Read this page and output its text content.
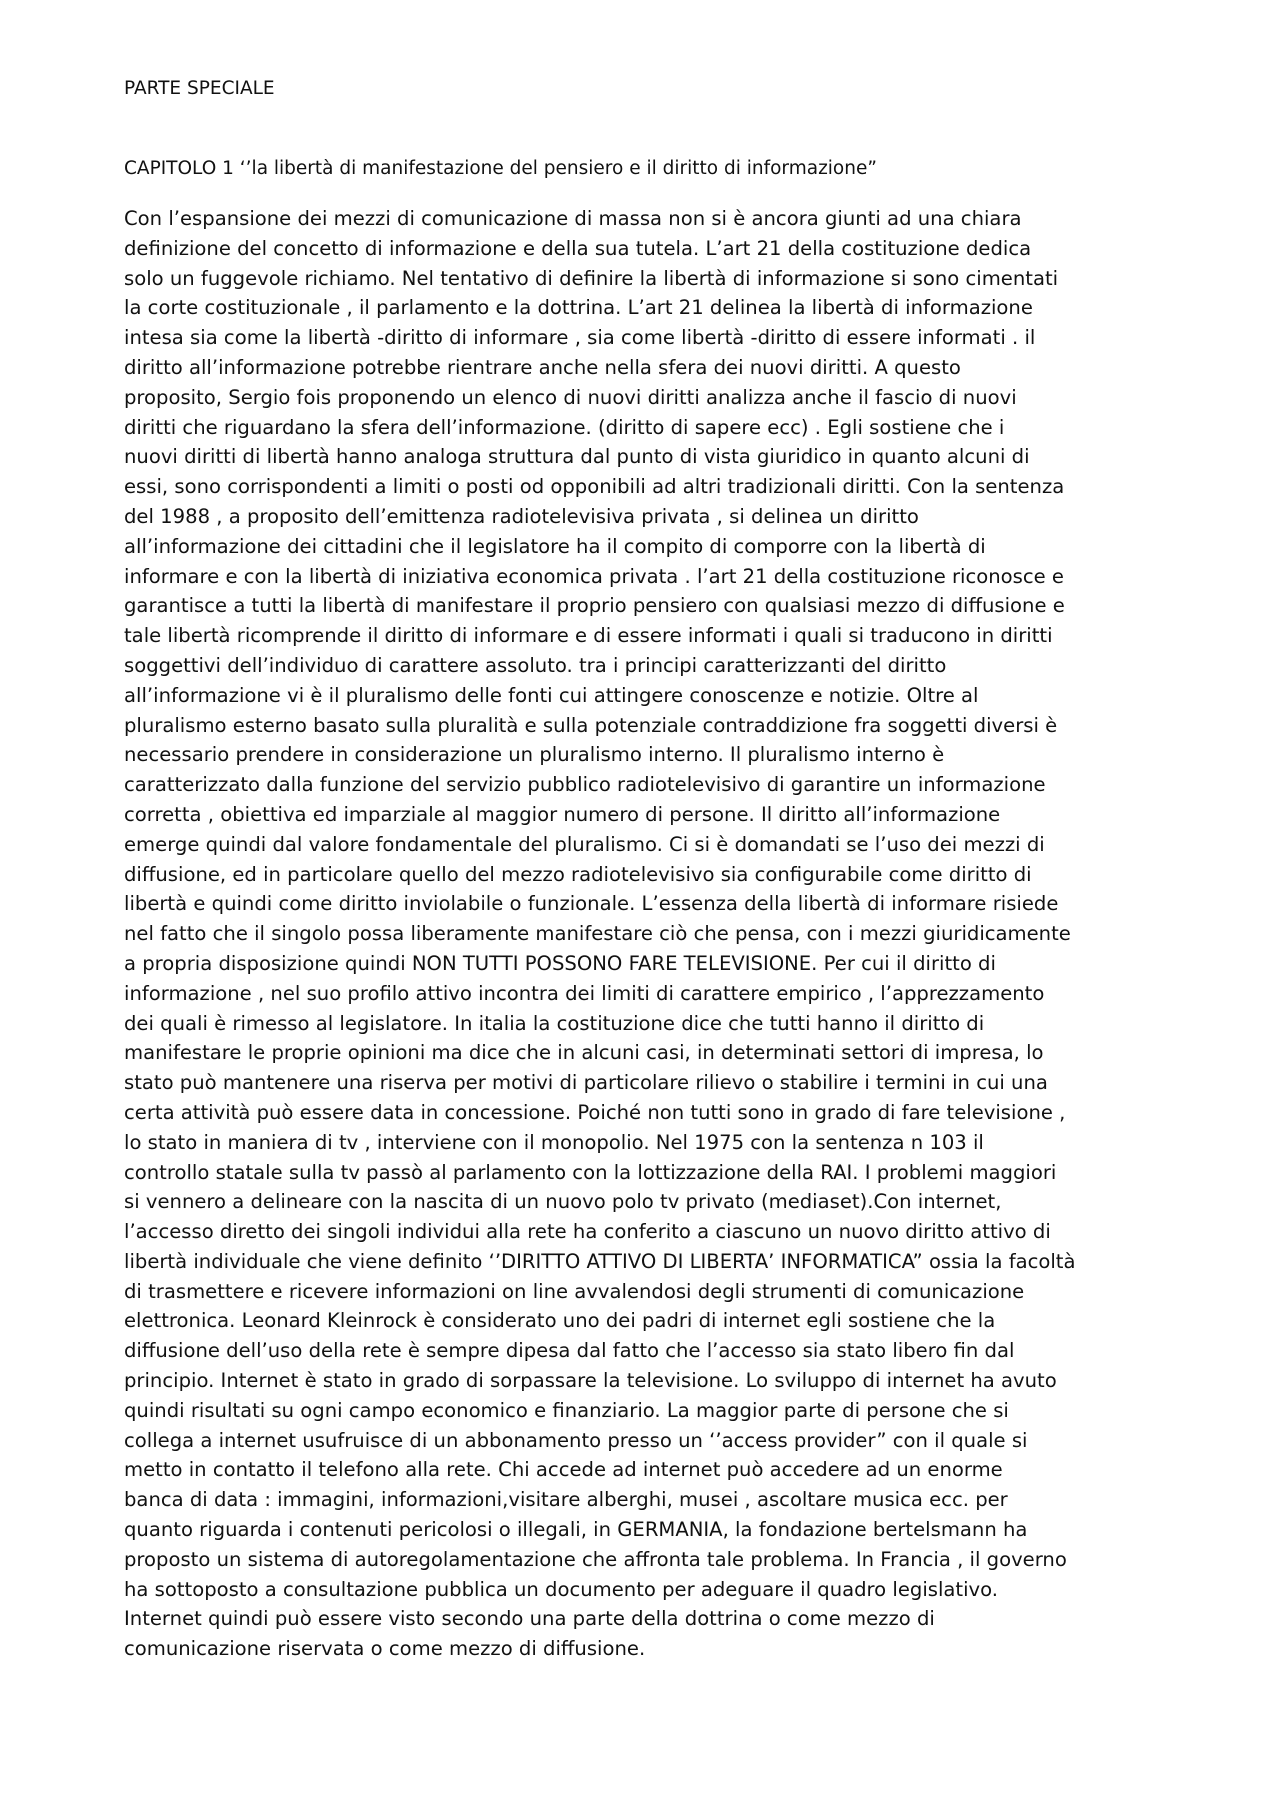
PARTE SPECIALE

CAPITOLO 1 ‘’la libertà di manifestazione del pensiero e il diritto di informazione”

Con l’espansione dei mezzi di comunicazione di massa non si è ancora giunti ad una chiara
definizione del concetto di informazione e della sua tutela. L’art 21 della costituzione dedica
solo un fuggevole richiamo. Nel tentativo di definire la libertà di informazione si sono cimentati
la corte costituzionale , il parlamento e la dottrina. L’art 21 delinea la libertà di informazione
intesa sia come la libertà -diritto di informare , sia come libertà -diritto di essere informati . il
diritto all’informazione potrebbe rientrare anche nella sfera dei nuovi diritti. A questo
proposito, Sergio fois proponendo un elenco di nuovi diritti analizza anche il fascio di nuovi
diritti che riguardano la sfera dell’informazione. (diritto di sapere ecc) . Egli sostiene che i
nuovi diritti di libertà hanno analoga struttura dal punto di vista giuridico in quanto alcuni di
essi, sono corrispondenti a limiti o posti od opponibili ad altri tradizionali diritti. Con la sentenza
del 1988 , a proposito dell’emittenza radiotelevisiva privata , si delinea un diritto
all’informazione dei cittadini che il legislatore ha il compito di comporre con la libertà di
informare e con la libertà di iniziativa economica privata . l’art 21 della costituzione riconosce e
garantisce a tutti la libertà di manifestare il proprio pensiero con qualsiasi mezzo di diffusione e
tale libertà ricomprende il diritto di informare e di essere informati i quali si traducono in diritti
soggettivi dell’individuo di carattere assoluto. tra i principi caratterizzanti del diritto
all’informazione vi è il pluralismo delle fonti cui attingere conoscenze e notizie. Oltre al
pluralismo esterno basato sulla pluralità e sulla potenziale contraddizione fra soggetti diversi è
necessario prendere in considerazione un pluralismo interno. Il pluralismo interno è
caratterizzato dalla funzione del servizio pubblico radiotelevisivo di garantire un informazione
corretta , obiettiva ed imparziale al maggior numero di persone. Il diritto all’informazione
emerge quindi dal valore fondamentale del pluralismo. Ci si è domandati se l’uso dei mezzi di
diffusione, ed in particolare quello del mezzo radiotelevisivo sia configurabile come diritto di
libertà e quindi come diritto inviolabile o funzionale. L’essenza della libertà di informare risiede
nel fatto che il singolo possa liberamente manifestare ciò che pensa, con i mezzi giuridicamente
a propria disposizione quindi NON TUTTI POSSONO FARE TELEVISIONE. Per cui il diritto di
informazione , nel suo profilo attivo incontra dei limiti di carattere empirico , l’apprezzamento
dei quali è rimesso al legislatore. In italia la costituzione dice che tutti hanno il diritto di
manifestare le proprie opinioni ma dice che in alcuni casi, in determinati settori di impresa, lo
stato può mantenere una riserva per motivi di particolare rilievo o stabilire i termini in cui una
certa attività può essere data in concessione. Poiché non tutti sono in grado di fare televisione ,
lo stato in maniera di tv , interviene con il monopolio. Nel 1975 con la sentenza n 103 il
controllo statale sulla tv passò al parlamento con la lottizzazione della RAI. I problemi maggiori
si vennero a delineare con la nascita di un nuovo polo tv privato (mediaset).Con internet,
l’accesso diretto dei singoli individui alla rete ha conferito a ciascuno un nuovo diritto attivo di
libertà individuale che viene definito ‘’DIRITTO ATTIVO DI LIBERTA’ INFORMATICA” ossia la facoltà
di trasmettere e ricevere informazioni on line avvalendosi degli strumenti di comunicazione
elettronica. Leonard Kleinrock è considerato uno dei padri di internet egli sostiene che la
diffusione dell’uso della rete è sempre dipesa dal fatto che l’accesso sia stato libero fin dal
principio. Internet è stato in grado di sorpassare la televisione. Lo sviluppo di internet ha avuto
quindi risultati su ogni campo economico e finanziario. La maggior parte di persone che si
collega a internet usufruisce di un abbonamento presso un ‘’access provider” con il quale si
metto in contatto il telefono alla rete. Chi accede ad internet può accedere ad un enorme
banca di data : immagini, informazioni,visitare alberghi, musei , ascoltare musica ecc. per
quanto riguarda i contenuti pericolosi o illegali, in GERMANIA, la fondazione bertelsmann ha
proposto un sistema di autoregolamentazione che affronta tale problema. In Francia , il governo
ha sottoposto a consultazione pubblica un documento per adeguare il quadro legislativo.
Internet quindi può essere visto secondo una parte della dottrina o come mezzo di
comunicazione riservata o come mezzo di diffusione.
